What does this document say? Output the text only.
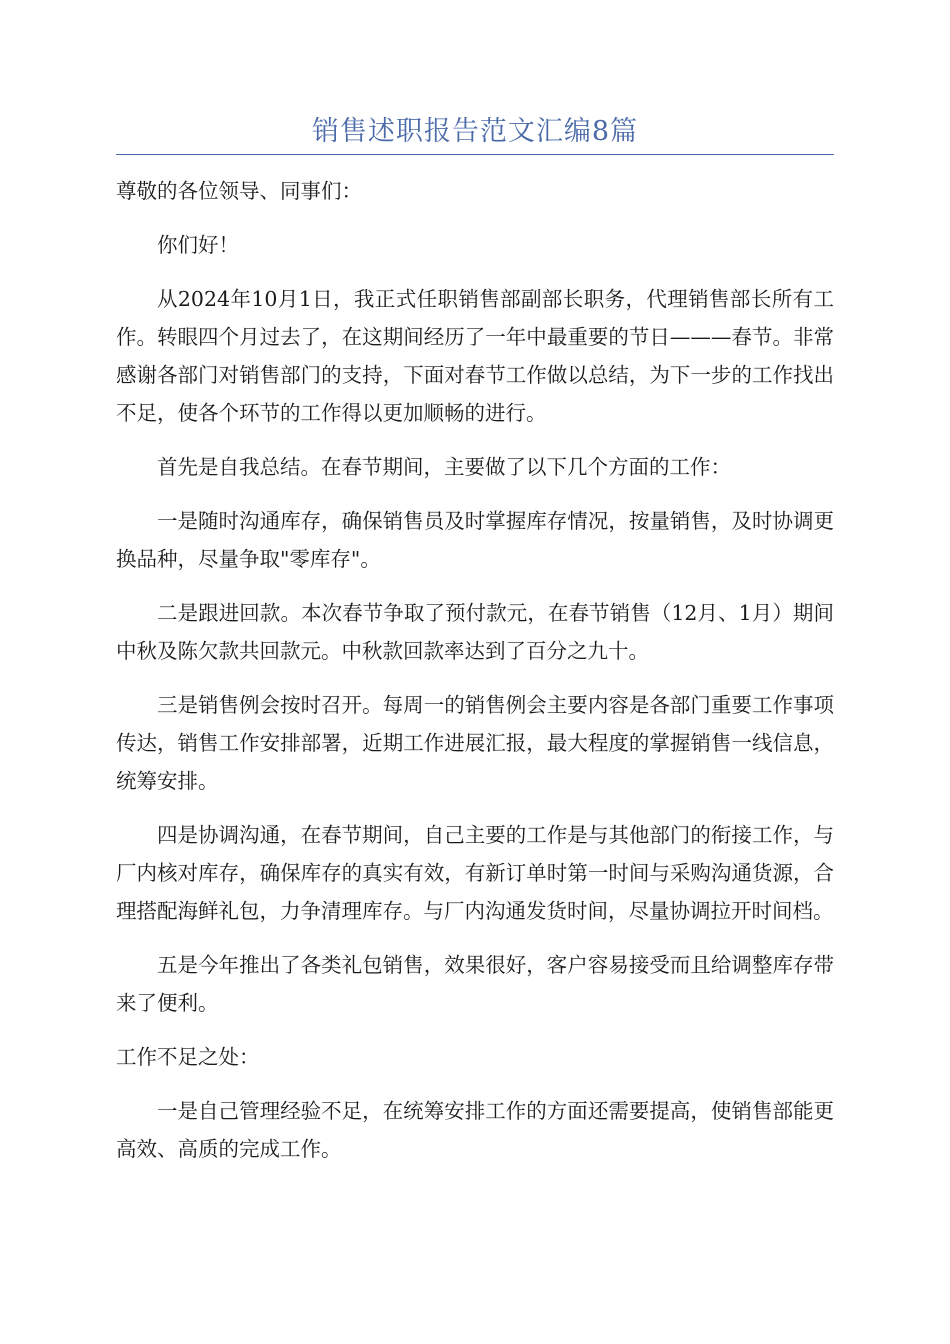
销售述职报告范文汇编8篇

尊敬的各位领导、同事们：

你们好！

从2024年10月1日，我正式任职销售部副部长职务，代理销售部长所有工作。转眼四个月过去了，在这期间经历了一年中最重要的节日———春节。非常感谢各部门对销售部门的支持，下面对春节工作做以总结，为下一步的工作找出不足，使各个环节的工作得以更加顺畅的进行。

首先是自我总结。在春节期间，主要做了以下几个方面的工作：

一是随时沟通库存，确保销售员及时掌握库存情况，按量销售，及时协调更换品种，尽量争取"零库存"。

二是跟进回款。本次春节争取了预付款元，在春节销售（12月、1月）期间中秋及陈欠款共回款元。中秋款回款率达到了百分之九十。

三是销售例会按时召开。每周一的销售例会主要内容是各部门重要工作事项传达，销售工作安排部署，近期工作进展汇报，最大程度的掌握销售一线信息，统筹安排。

四是协调沟通，在春节期间，自己主要的工作是与其他部门的衔接工作，与厂内核对库存，确保库存的真实有效，有新订单时第一时间与采购沟通货源，合理搭配海鲜礼包，力争清理库存。与厂内沟通发货时间，尽量协调拉开时间档。

五是今年推出了各类礼包销售，效果很好，客户容易接受而且给调整库存带来了便利。

工作不足之处：

一是自己管理经验不足，在统筹安排工作的方面还需要提高，使销售部能更高效、高质的完成工作。
